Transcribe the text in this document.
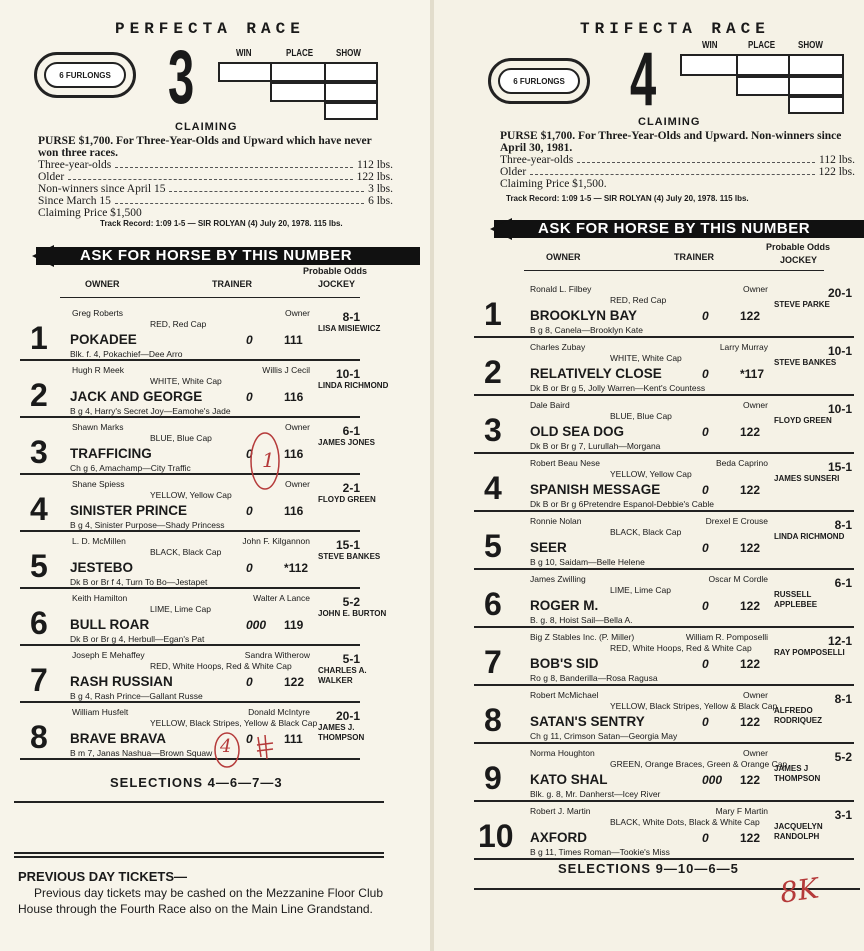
PERFECTA RACE
6 FURLONGS 3	WIN	PLACE SHOW
CLAIMING
PURSE $1,700. For Three-Year-Olds and Upward which have never won three races.
Three-year-olds	112 lbs.
Older	122 lbs.
Non-winners since April 15	3 lbs.
Since March 15	6 lbs.
Claiming Price $1,500
Track Record: 1:09 1-5 — SIR ROLYAN (4) July 20, 1978. 115 lbs.
ASK FOR HORSE BY THIS NUMBER
OWNER	TRAINER
Probable Odds
JOCKEY
1
Greg Roberts	Owner
RED, Red Cap
POKADEE	0	111
Blk. f. 4, Pokachief—Dee Arro
8-1
LISA MISIEWICZ
2
Hugh R Meek	Willis J Cecil
WHITE, White Cap
JACK AND GEORGE	0	116
B g 4, Harry's Secret Joy—Eamohe's Jade
10-1
LINDA RICHMOND
3
Shawn Marks	Owner
BLUE, Blue Cap
TRAFFICING	0	116
Ch g 6, Amachamp—City Traffic
6-1
JAMES JONES
4
Shane Spiess	Owner
YELLOW, Yellow Cap
SINISTER PRINCE	0	116
B g 4, Sinister Purpose—Shady Princess
2-1
FLOYD GREEN
5
L. D. McMillen	John F. Kilgannon
BLACK, Black Cap
JESTEBO	0	*112
Dk B or Br f 4, Turn To Bo—Jestapet
15-1
STEVE BANKES
6
Keith Hamilton	Walter A Lance
LIME, Lime Cap
BULL ROAR	000 119
Dk B or Br g 4, Herbull—Egan's Pat
5-2
JOHN E. BURTON
7
Joseph E Mehaffey	Sandra Witherow
RED, White Hoops, Red & White Cap
RASH RUSSIAN	0	122
B g 4, Rash Prince—Gallant Russe
5-1
CHARLES A. WALKER
8
William Husfelt	Donald McIntyre
YELLOW, Black Stripes, Yellow & Black Cap
BRAVE BRAVA	0	111
B m 7, Janas Nashua—Brown Squaw
20-1
JAMES J. THOMPSON
SELECTIONS 4—6—7—3
PREVIOUS DAY TICKETS—
Previous day tickets may be cashed on the Mezzanine Floor Club House through the Fourth Race also on the Main Line Grandstand.
1
4
TRIFECTA RACE
6 FURLONGS 4	WIN	PLACE SHOW
CLAIMING
PURSE $1,700. For Three-Year-Olds and Upward. Non-winners since April 30, 1981.
Three-year-olds	112 lbs.
Older	122 lbs.
Claiming Price $1,500.
Track Record: 1:09 1-5 — SIR ROLYAN (4) July 20, 1978. 115 lbs.
ASK FOR HORSE BY THIS NUMBER
OWNER	TRAINER
Probable Odds
JOCKEY
1
Ronald L. Filbey	Owner
RED, Red Cap
BROOKLYN BAY	0	122
B g 8, Canela—Brooklyn Kate
20-1
STEVE PARKE
2
Charles Zubay	Larry Murray
WHITE, White Cap
RELATIVELY CLOSE	0	*117
Dk B or Br g 5, Jolly Warren—Kent's Countess
10-1
STEVE BANKES
3
Dale Baird	Owner
BLUE, Blue Cap
OLD SEA DOG	0	122
Dk B or Br g 7, Lurullah—Morgana
10-1
FLOYD GREEN
4
Robert Beau Nese	Beda Caprino
YELLOW, Yellow Cap
SPANISH MESSAGE	0	122
Dk B or Br g 6Pretendre Espanol-Debbie's Cable
15-1
JAMES SUNSERI
5
Ronnie Nolan	Drexel E Crouse
BLACK, Black Cap
SEER	0	122
B g 10, Saidam—Belle Helene
8-1
LINDA RICHMOND
6
James Zwilling	Oscar M Cordle
LIME, Lime Cap
ROGER M.	0	122
B. g. 8, Hoist Sail—Bella A.
6-1
RUSSELL APPLEBEE
7
Big Z Stables Inc. (P. Miller)	William R. Pomposelli
RED, White Hoops, Red & White Cap
BOB'S SID	0	122
Ro g 8, Banderilla—Rosa Ragusa
12-1
RAY POMPOSELLI
8
Robert McMichael	Owner
YELLOW, Black Stripes, Yellow & Black Cap
SATAN'S SENTRY	0	122
Ch g 11, Crimson Satan—Georgia May
8-1
ALFREDO RODRIQUEZ
9
Norma Houghton	Owner
GREEN, Orange Braces, Green & Orange Cap
KATO SHAL	000 122
Blk. g. 8, Mr. Danherst—Icey River
5-2
JAMES J THOMPSON
10
Robert J. Martin	Mary F Martin
BLACK, White Dots, Black & White Cap
AXFORD	0	122
B g 11, Times Roman—Tookie's Miss
3-1
JACQUELYN RANDOLPH
SELECTIONS 9—10—6—5
8K
